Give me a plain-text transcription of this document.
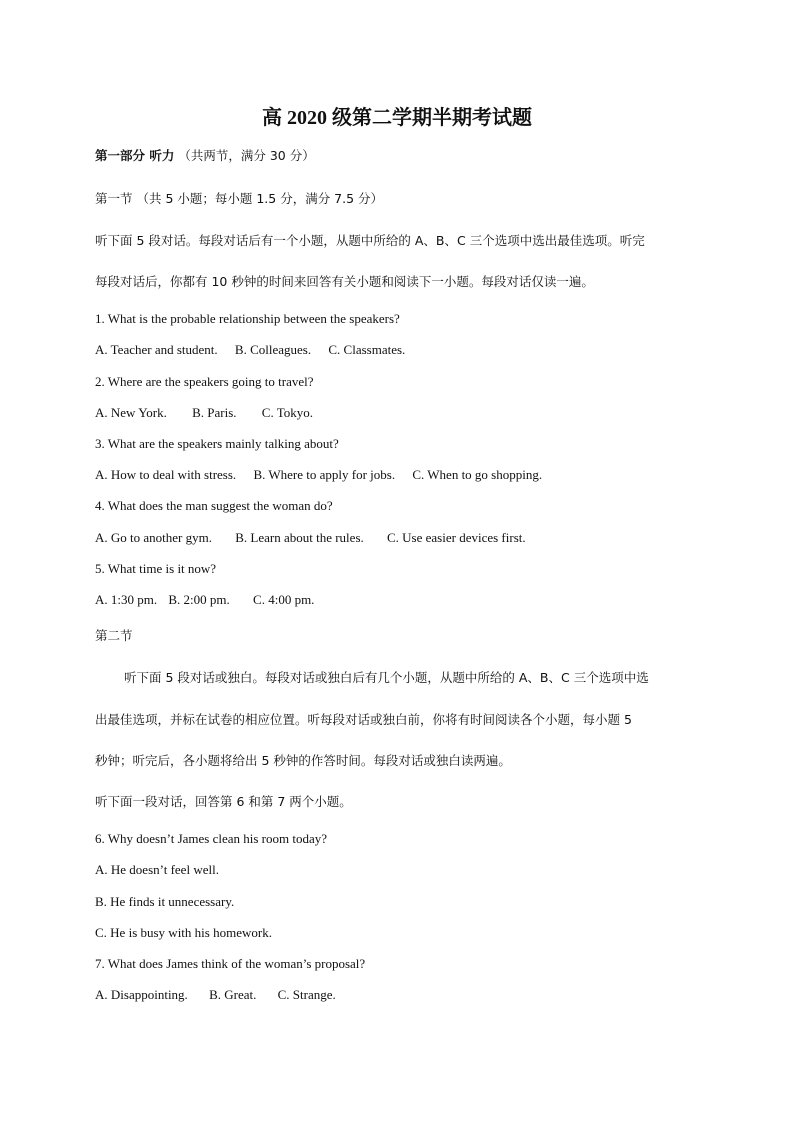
高 2020 级第二学期半期考试题
第一部分 听力 （共两节，满分 30 分）
第一节 （共 5 小题；每小题 1.5 分，满分 7.5 分）
听下面 5 段对话。每段对话后有一个小题，从题中所给的 A、B、C 三个选项中选出最佳选项。听完
每段对话后，你都有 10 秒钟的时间来回答有关小题和阅读下一小题。每段对话仅读一遍。
1. What is the probable relationship between the speakers?
A. Teacher and student. B. Colleagues. C. Classmates.
2. Where are the speakers going to travel?
A. New York. B. Paris. C. Tokyo.
3. What are the speakers mainly talking about?
A. How to deal with stress. B. Where to apply for jobs. C. When to go shopping.
4. What does the man suggest the woman do?
A. Go to another gym. B. Learn about the rules. C. Use easier devices first.
5. What time is it now?
A. 1:30 pm. B. 2:00 pm. C. 4:00 pm.
第二节
听下面 5 段对话或独白。每段对话或独白后有几个小题，从题中所给的 A、B、C 三个选项中选
出最佳选项，并标在试卷的相应位置。听每段对话或独白前，你将有时间阅读各个小题，每小题 5
秒钟；听完后，各小题将给出 5 秒钟的作答时间。每段对话或独白读两遍。
听下面一段对话，回答第 6 和第 7 两个小题。
6. Why doesn’t James clean his room today?
A. He doesn’t feel well.
B. He finds it unnecessary.
C. He is busy with his homework.
7. What does James think of the woman’s proposal?
A. Disappointing. B. Great. C. Strange.
